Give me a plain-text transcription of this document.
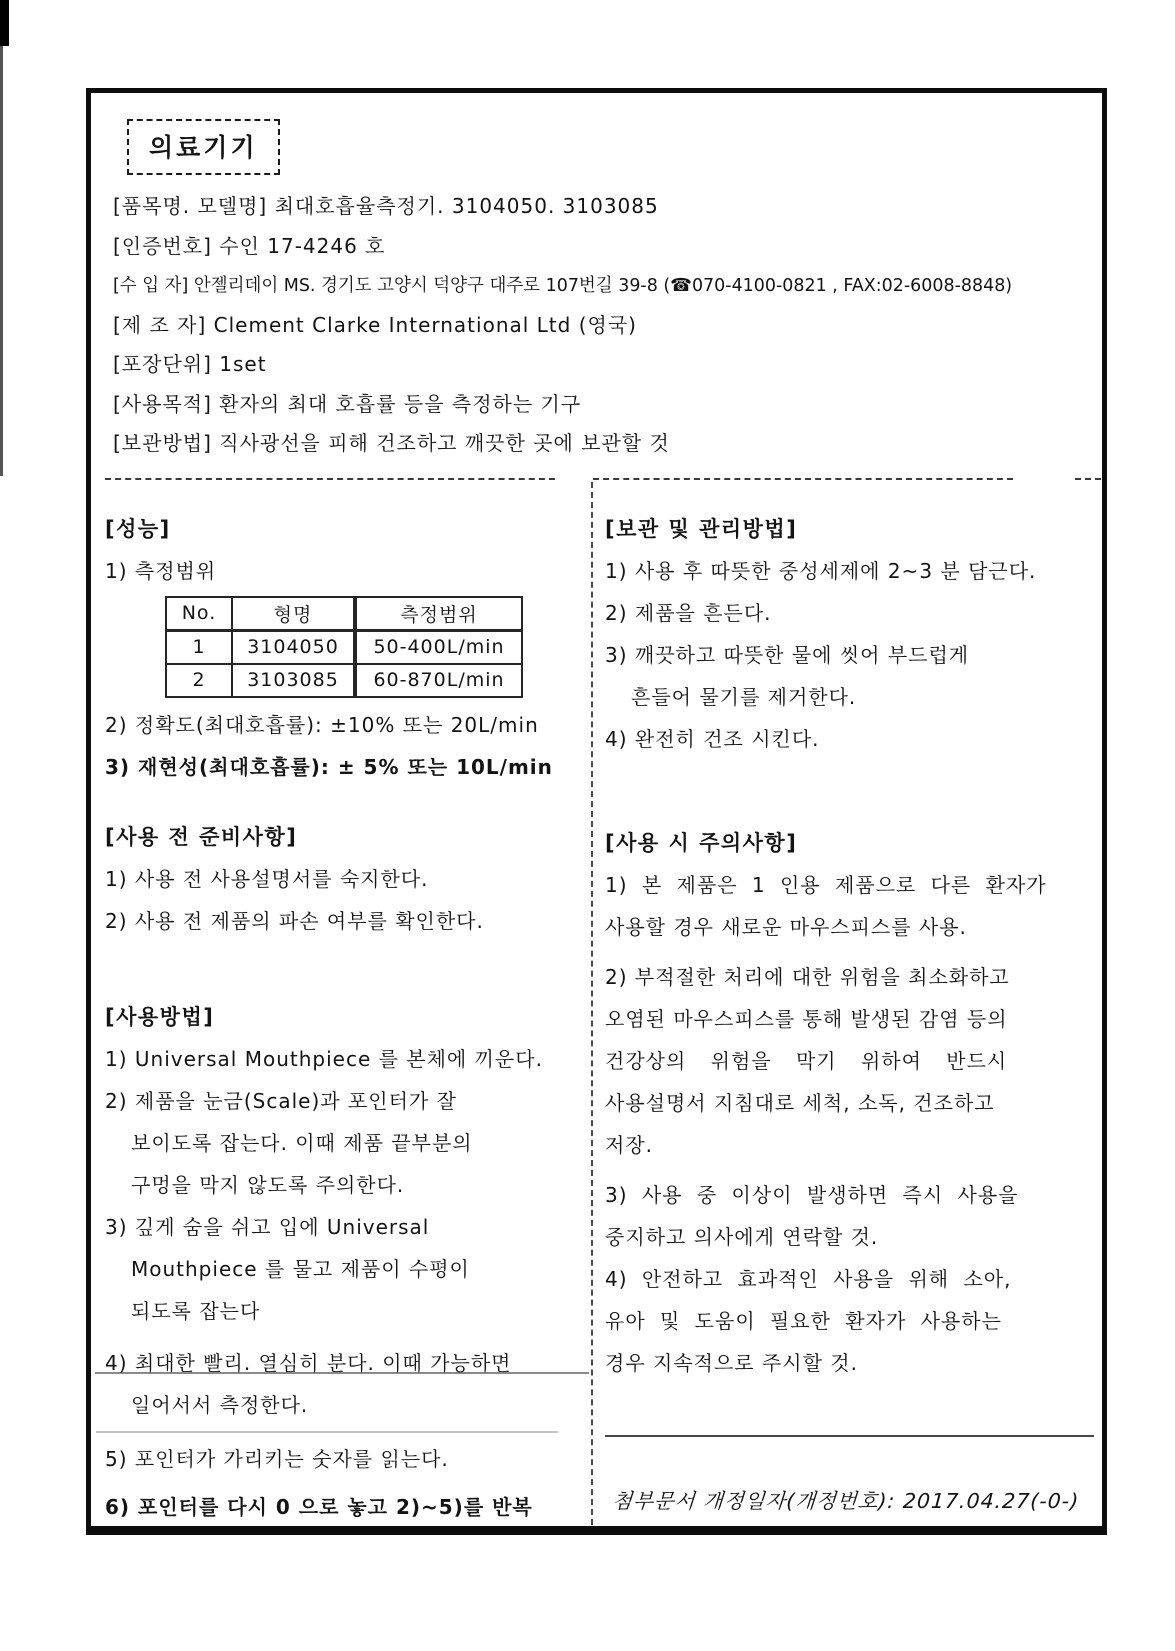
의료기기
[품목명. 모델명] 최대호흡율측정기. 3104050. 3103085
[인증번호] 수인 17-4246 호
[수 입 자] 안젤리데이 MS. 경기도 고양시 덕양구 대주로 107번길 39-8 (☎070-4100-0821 , FAX:02-6008-8848)
[제 조 자] Clement Clarke International Ltd (영국)
[포장단위] 1set
[사용목적] 환자의 최대 호흡률 등을 측정하는 기구
[보관방법] 직사광선을 피해 건조하고 깨끗한 곳에 보관할 것
[성능]
1) 측정범위
No.	형명	측정범위
1	3104050	50-400L/min
2	3103085	60-870L/min
2) 정확도(최대호흡률): ±10% 또는 20L/min
3) 재현성(최대호흡률): ± 5% 또는 10L/min
[사용 전 준비사항]
1) 사용 전 사용설명서를 숙지한다.
2) 사용 전 제품의 파손 여부를 확인한다.
[사용방법]
1) Universal Mouthpiece 를 본체에 끼운다.
2) 제품을 눈금(Scale)과 포인터가 잘
보이도록 잡는다. 이때 제품 끝부분의
구멍을 막지 않도록 주의한다.
3) 깊게 숨을 쉬고 입에 Universal
Mouthpiece 를 물고 제품이 수평이
되도록 잡는다
4) 최대한 빨리. 열심히 분다. 이때 가능하면
일어서서 측정한다.
5) 포인터가 가리키는 숫자를 읽는다.
6) 포인터를 다시 0 으로 놓고 2)~5)를 반복
[보관 및 관리방법]
1) 사용 후 따뜻한 중성세제에 2~3 분 담근다.
2) 제품을 흔든다.
3) 깨끗하고 따뜻한 물에 씻어 부드럽게
흔들어 물기를 제거한다.
4) 완전히 건조 시킨다.
[사용 시 주의사항]
1) 본 제품은 1 인용 제품으로 다른 환자가
사용할 경우 새로운 마우스피스를 사용.
2) 부적절한 처리에 대한 위험을 최소화하고
오염된 마우스피스를 통해 발생된 감염 등의
건강상의 위험을 막기 위하여 반드시
사용설명서 지침대로 세척, 소독, 건조하고
저장.
3) 사용 중 이상이 발생하면 즉시 사용을
중지하고 의사에게 연락할 것.
4) 안전하고 효과적인 사용을 위해 소아,
유아 및 도움이 필요한 환자가 사용하는
경우 지속적으로 주시할 것.
첨부문서 개정일자(개정번호): 2017.04.27(-0-)
